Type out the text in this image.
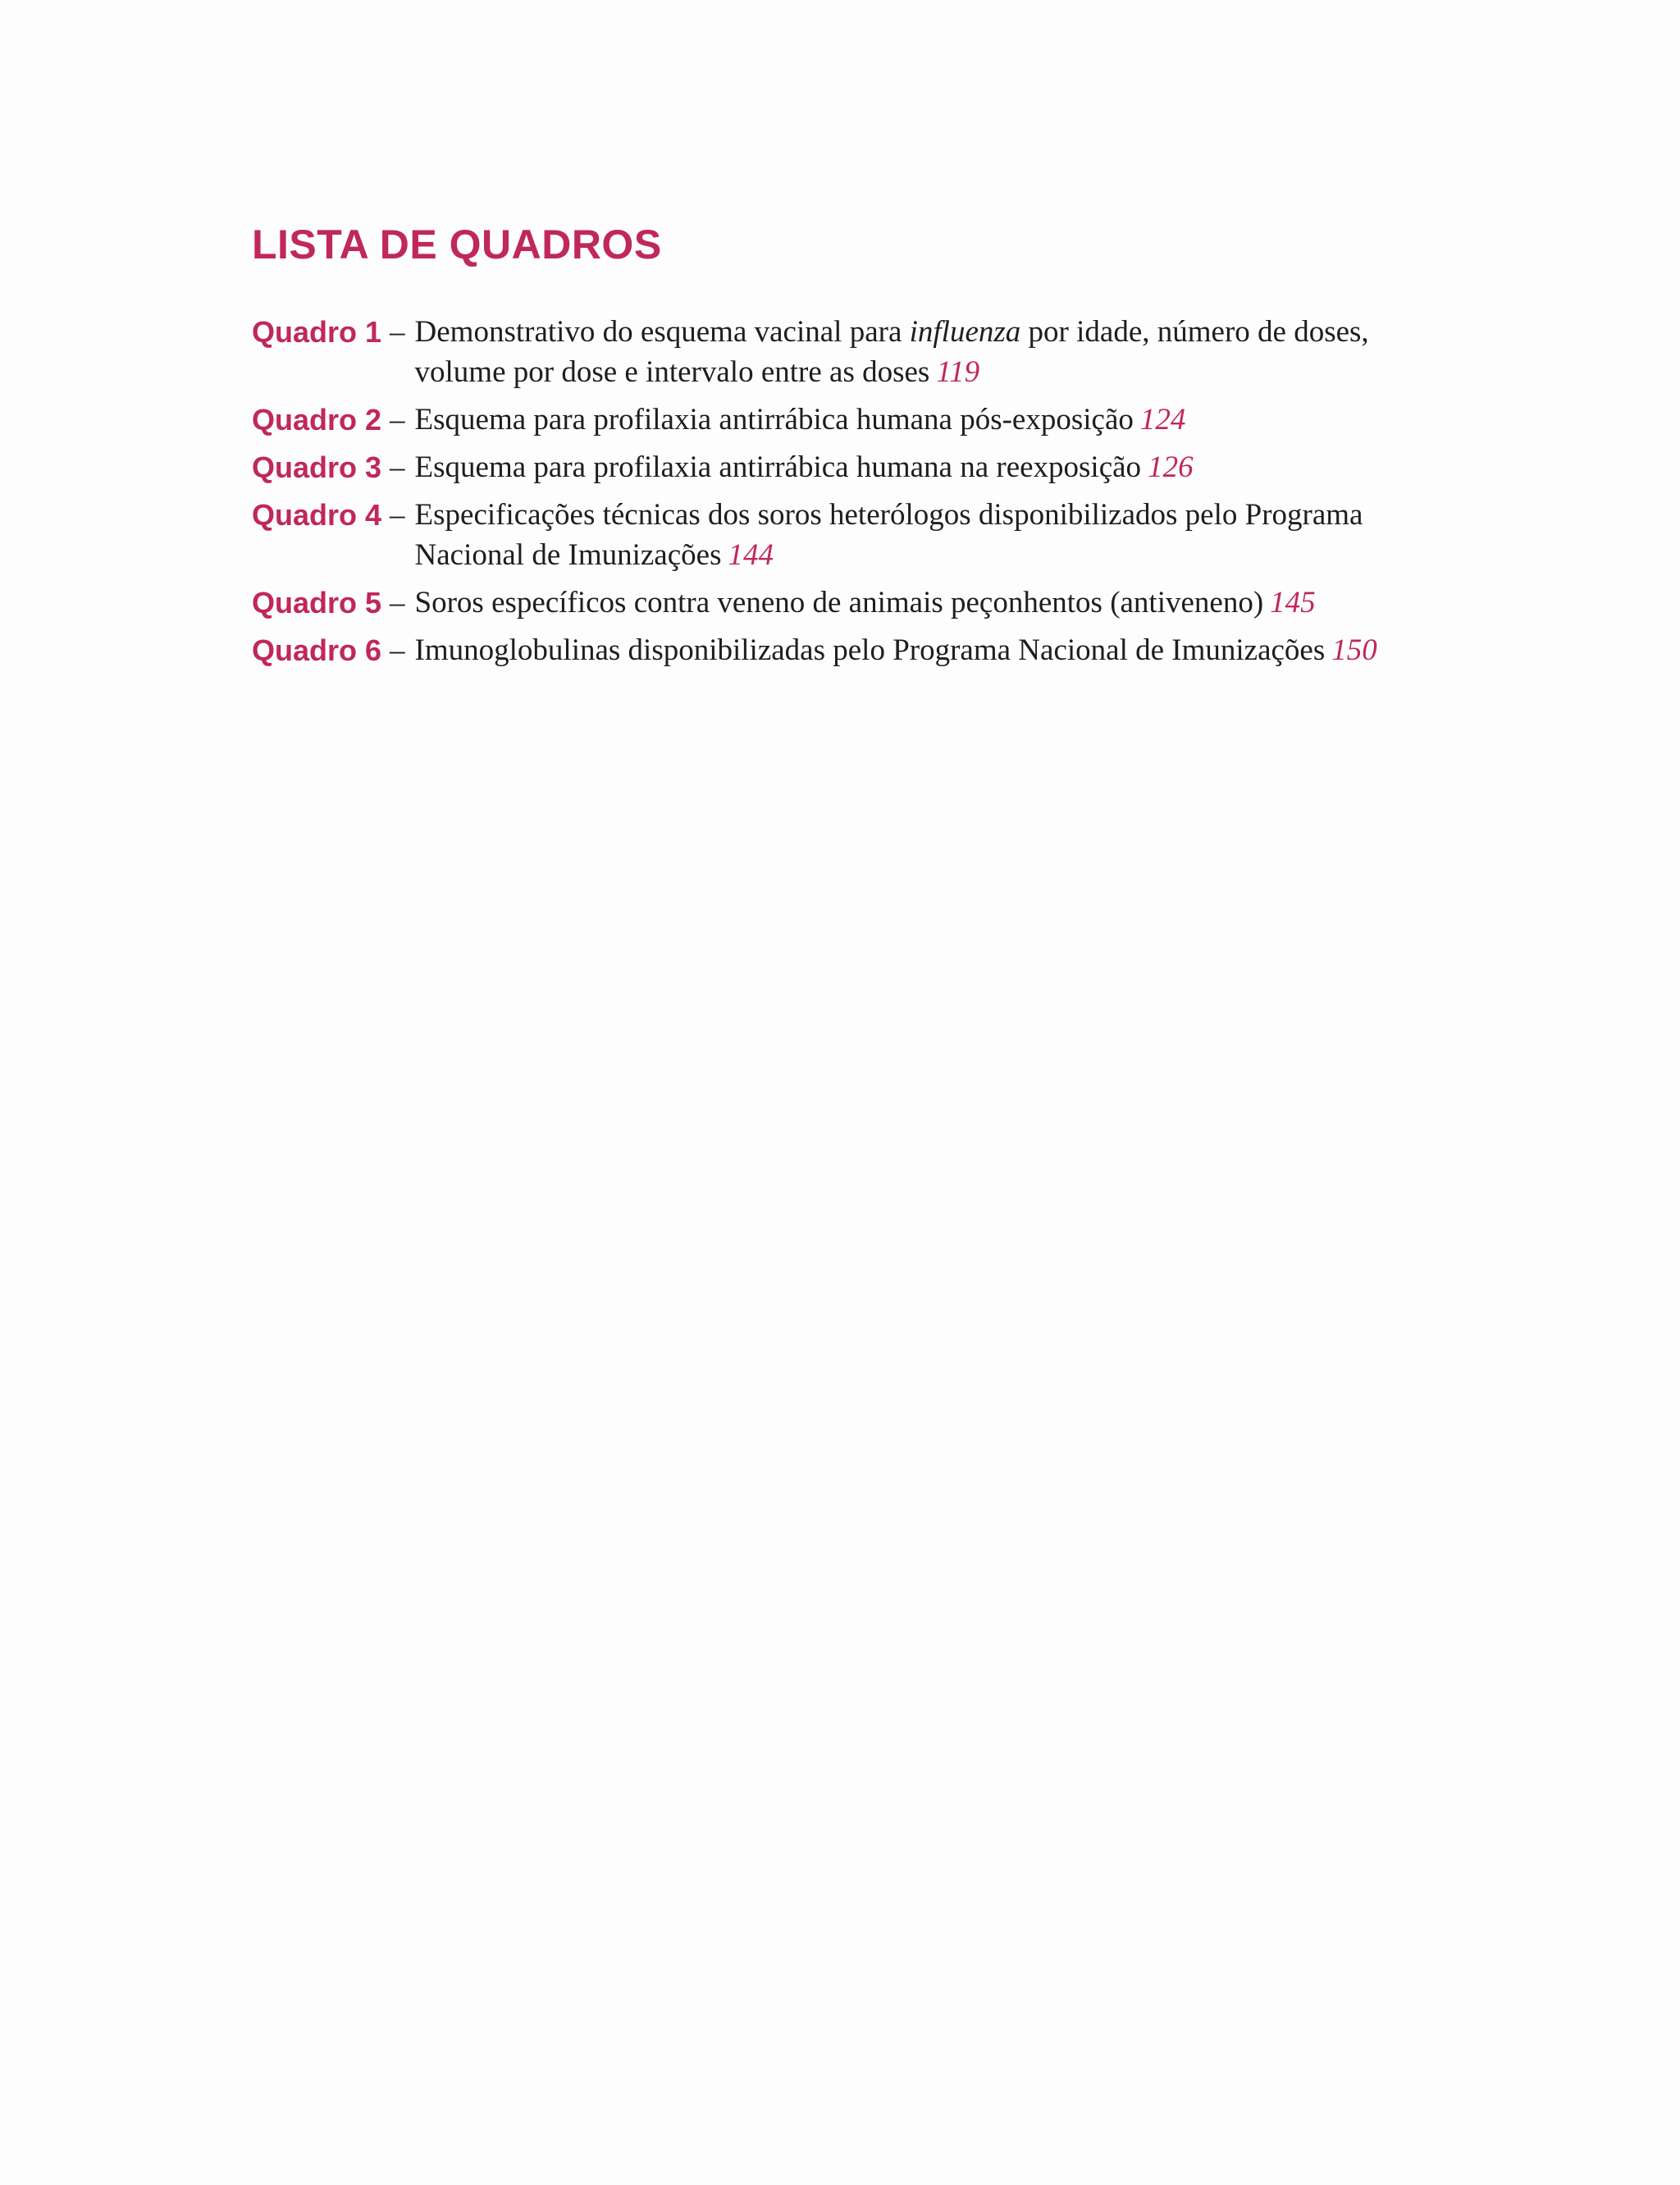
LISTA DE QUADROS
Quadro 1 – Demonstrativo do esquema vacinal para influenza por idade, número de doses, volume por dose e intervalo entre as doses 119
Quadro 2 – Esquema para profilaxia antirrábica humana pós-exposição 124
Quadro 3 – Esquema para profilaxia antirrábica humana na reexposição 126
Quadro 4 – Especificações técnicas dos soros heterólogos disponibilizados pelo Programa Nacional de Imunizações 144
Quadro 5 – Soros específicos contra veneno de animais peçonhentos (antiveneno) 145
Quadro 6 – Imunoglobulinas disponibilizadas pelo Programa Nacional de Imunizações 150
